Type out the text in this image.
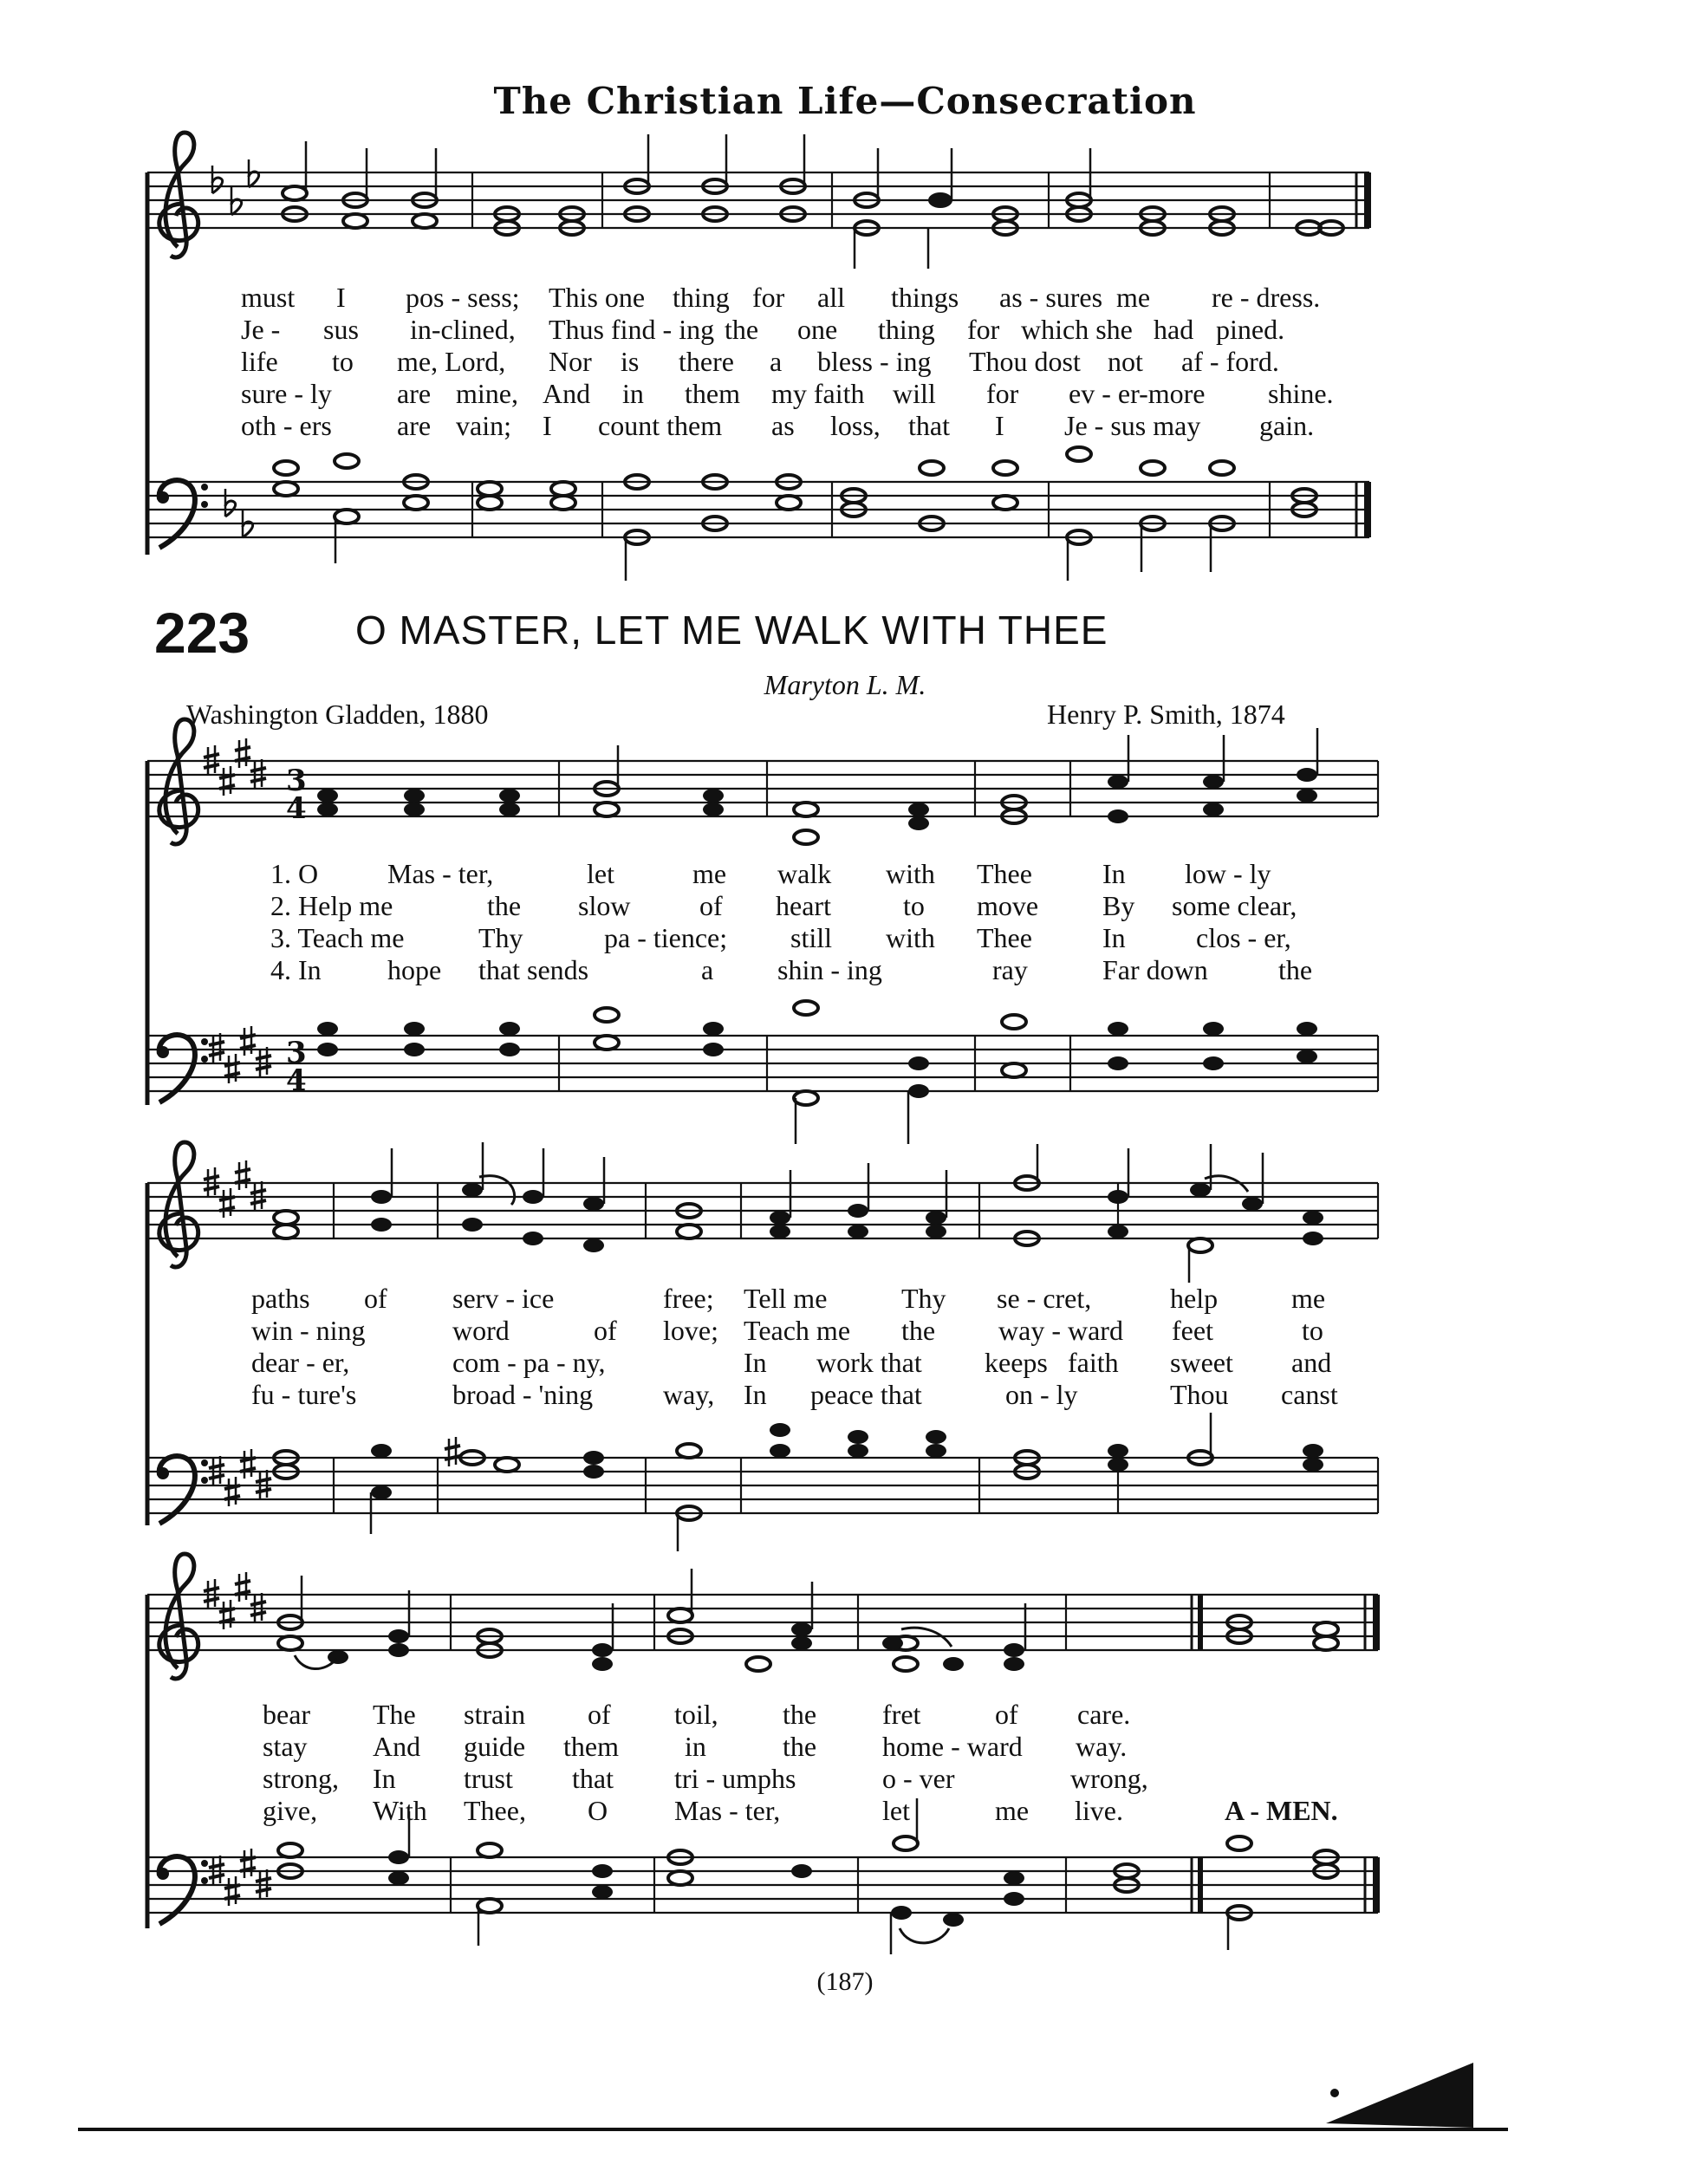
The Christian Life—Consecration
3
4
3
4
must I pos - sess; This one thing for all things as - sures me re - dress.
Je - sus in-clined, Thus find - ing the one thing for which she had pined.
life to me, Lord, Nor is there a bless - ing Thou dost not af - ford.
sure - ly are mine, And in them my faith will for ev - er-more shine.
oth - ers are vain; I count them as loss, that I Je - sus may gain.
223	O MASTER, LET ME WALK WITH THEE
Maryton L. M.
Washington Gladden, 1880	Henry P. Smith, 1874
1. O Mas - ter,	let	me walk with Thee	In low - ly
2. Help me	the slow of heart	to move By some clear,
3. Teach me	Thy	pa - tience; still with Thee	In	clos - er,
4. In hope that sends	a shin - ing	ray	Far down	the
paths of serv - ice	free; Tell me	Thy se - cret,	help	me
win - ning	word	of love; Teach me the way - ward feet	to
dear - er,	com - pa - ny,	In work that keeps faith sweet and
fu - ture's	broad - 'ning	way, In peace that	on - ly	Thou canst
bear The strain of toil, the fret	of care.
stay And guide them in	the home - ward way.
strong, In trust that tri - umphs	o - ver	wrong,
give, With Thee, O Mas - ter,	let	me live.	A - MEN.
(187)
